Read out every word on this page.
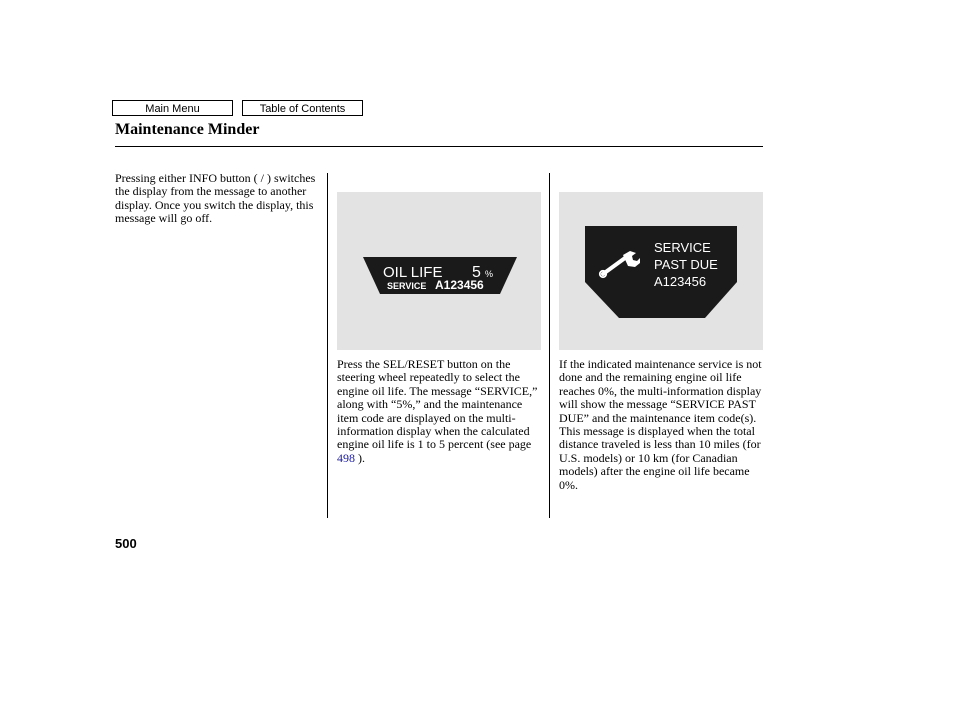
Main Menu	Table of Contents
Maintenance Minder
Pressing either INFO button ( / ) switches the display from the message to another display. Once you switch the display, this message will go off.
OIL LIFE 5 %
SERVICE A123456
SERVICE
PAST DUE
A123456
Press the SEL/RESET button on the steering wheel repeatedly to select the engine oil life. The message “SERVICE,” along with “5%,” and the maintenance item code are displayed on the multi-information display when the calculated engine oil life is 1 to 5 percent (see page 498 ).
If the indicated maintenance service is not done and the remaining engine oil life reaches 0%, the multi-information display will show the message “SERVICE PAST DUE” and the maintenance item code(s). This message is displayed when the total distance traveled is less than 10 miles (for U.S. models) or 10 km (for Canadian models) after the engine oil life became 0%.
500
